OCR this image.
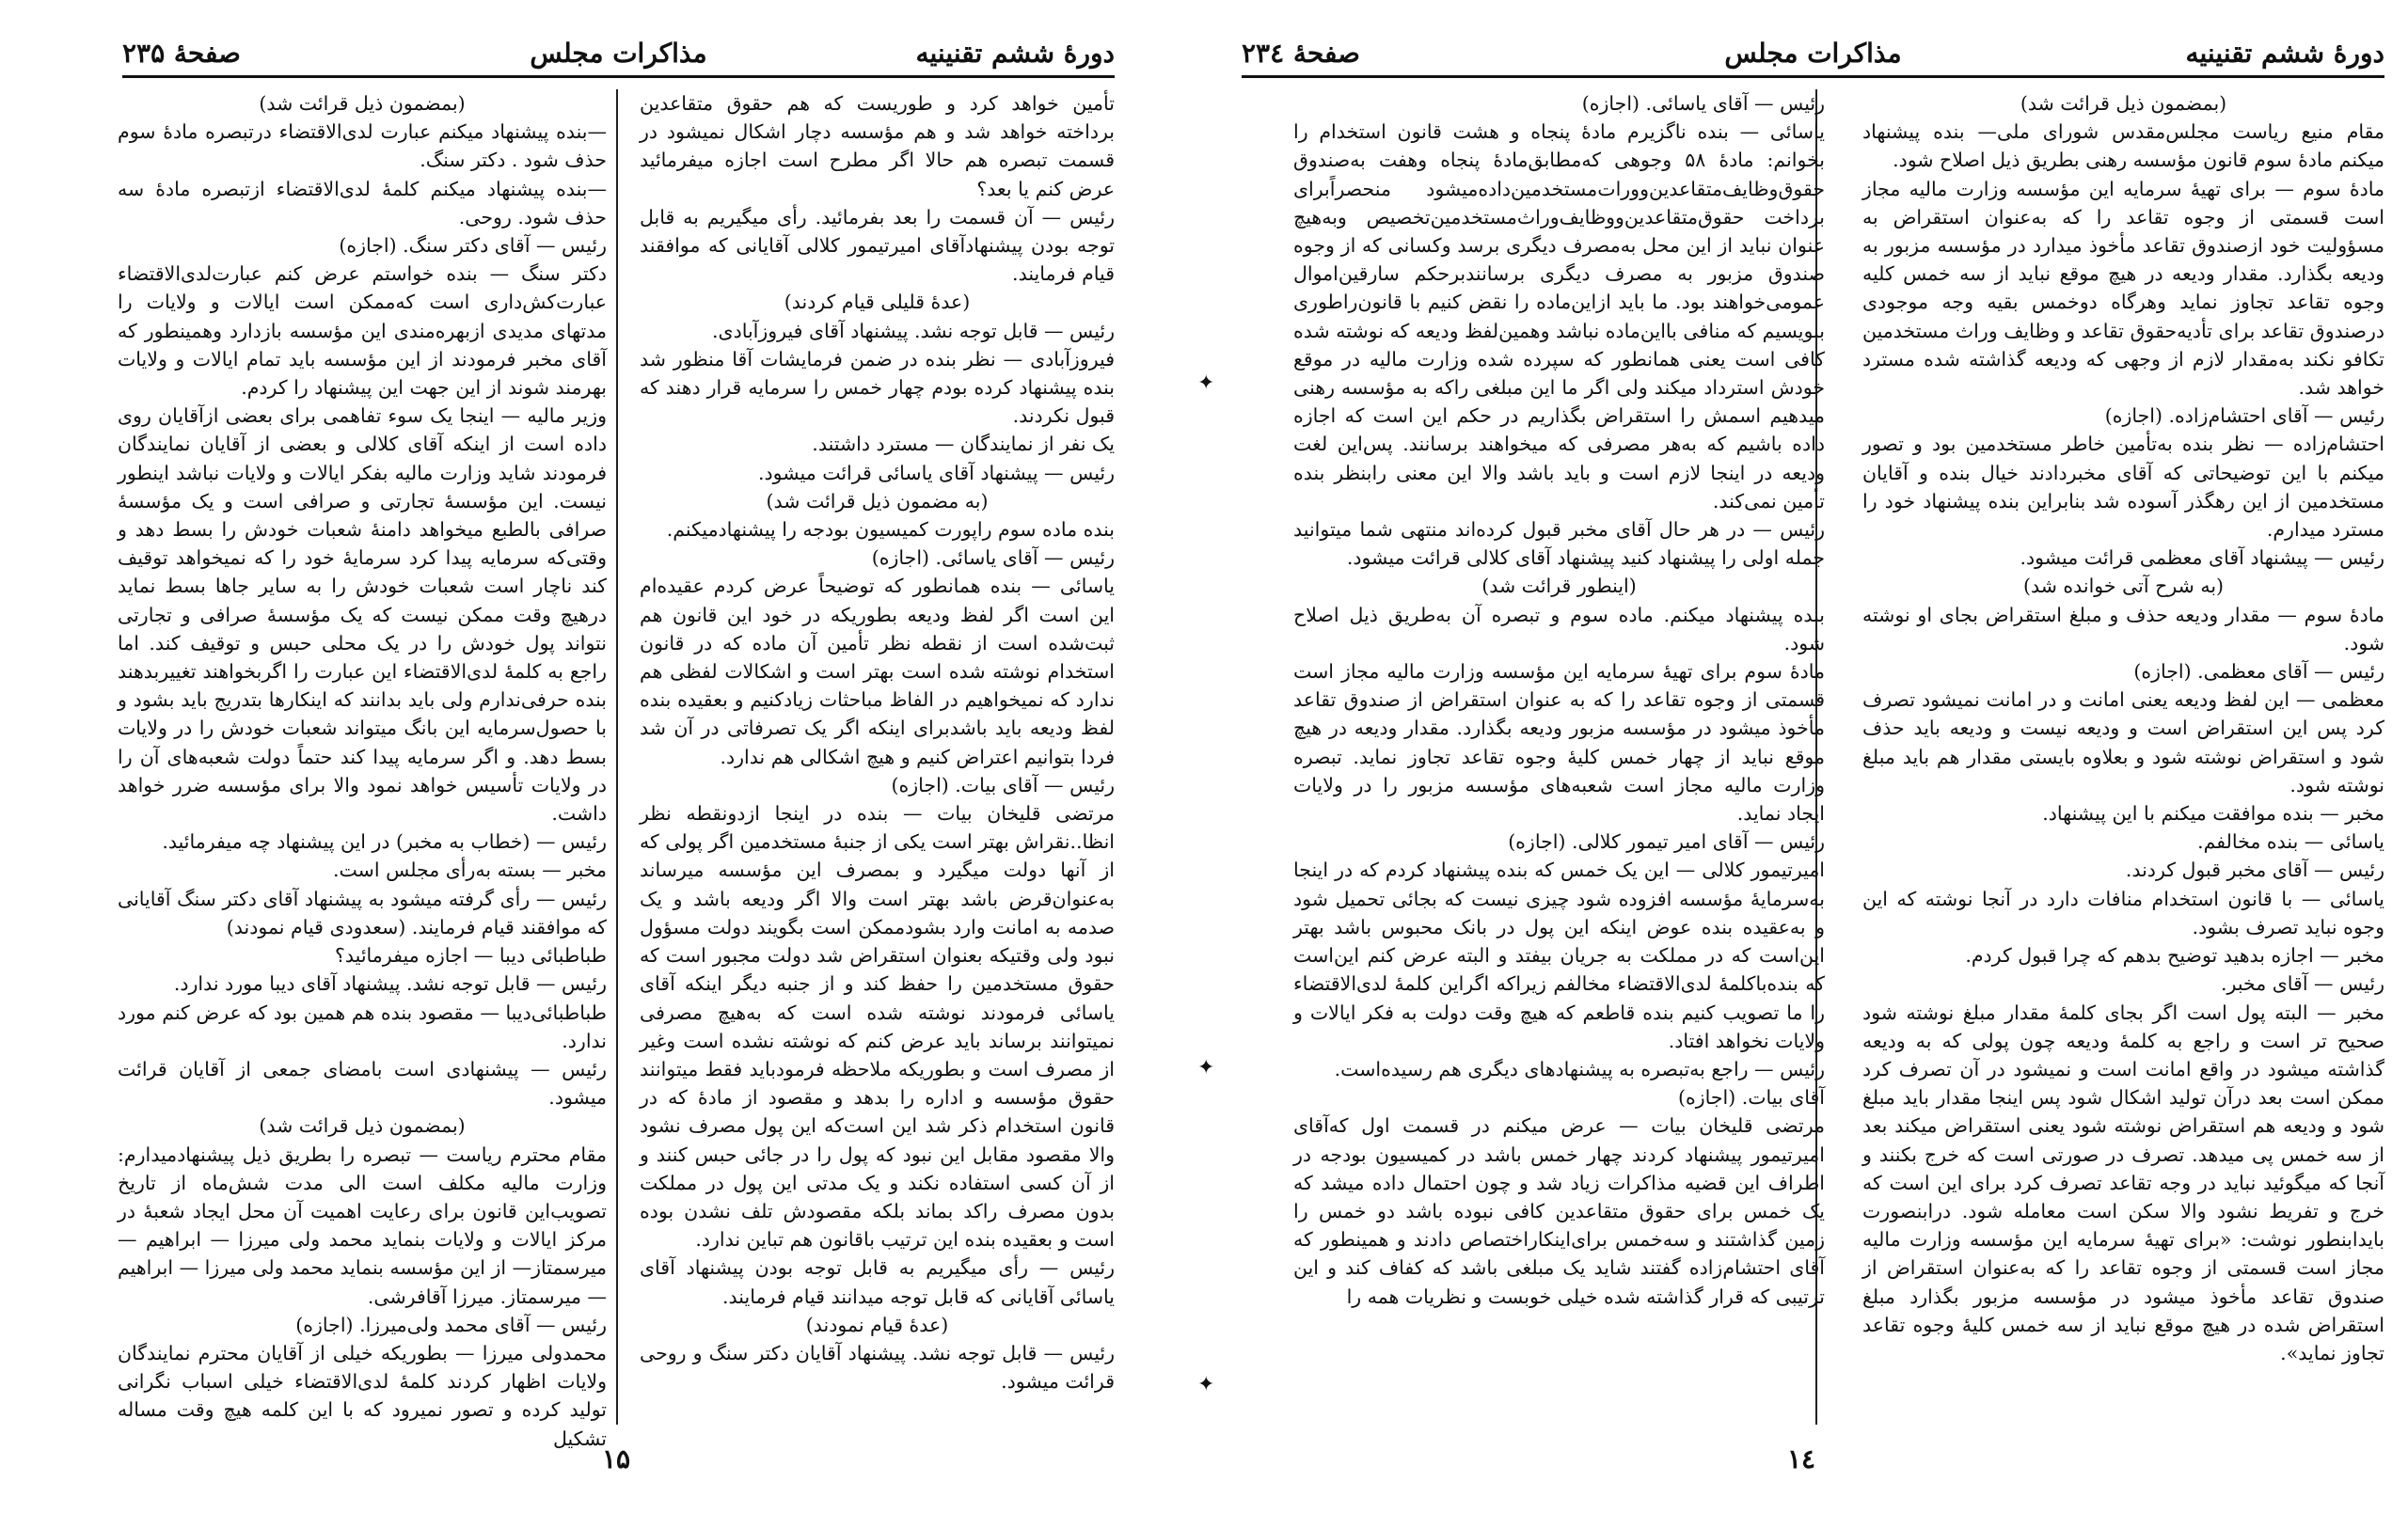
دورهٔ ششم تقنینیه
مذاکرات مجلس
صفحهٔ ۲۳۵

تأمین خواهد کرد و طوریست که هم حقوق متقاعدین برداخته خواهد شد و هم مؤسسه دچار اشکال نمیشود در قسمت تبصره هم حالا اگر مطرح است اجازه میفرمائید عرض کنم یا بعد؟

رئیس — آن قسمت را بعد بفرمائید. رأی میگیریم به قابل توجه بودن پیشنهادآقای امیرتیمور کلالی آقایانی که موافقند قیام فرمایند.

(عدهٔ قلیلی قیام کردند)

رئیس — قابل توجه نشد. پیشنهاد آقای فیروزآبادی.

فیروزآبادی — نظر بنده در ضمن فرمایشات آقا منظور شد بنده پیشنهاد کرده بودم چهار خمس را سرمایه قرار دهند که قبول نکردند.

یک نفر از نمایندگان — مسترد داشتند.

رئیس — پیشنهاد آقای یاسائی قرائت میشود.

(به مضمون ذیل قرائت شد)

بنده ماده سوم راپورت کمیسیون بودجه را پیشنهادمیکنم.

رئیس — آقای یاسائی. (اجازه)

یاسائی — بنده همانطور که توضیحاً عرض کردم عقیده‌ام این است اگر لفظ ودیعه بطوریکه در خود این قانون هم ثبت‌شده است از نقطه نظر تأمین آن ماده که در قانون استخدام نوشته شده است بهتر است و اشکالات لفظی هم ندارد که نمیخواهیم در الفاظ مباحثات زیادکنیم و بعقیده بنده لفظ ودیعه باید باشدبرای اینکه اگر یک تصرفاتی در آن شد فردا بتوانیم اعتراض کنیم و هیچ اشکالی هم ندارد.

رئیس — آقای بیات. (اجازه)

مرتضی قلیخان بیات — بنده در اینجا ازدونقطه نظر انظا..نقراش بهتر است یکی از جنبهٔ مستخدمین اگر پولی که از آنها دولت میگیرد و بمصرف این مؤسسه میرساند به‌عنوان‌قرض باشد بهتر است والا اگر ودیعه باشد و یک صدمه به امانت وارد بشودممکن است بگویند دولت مسؤول نبود ولی وقتیکه بعنوان استقراض شد دولت مجبور است که حقوق مستخدمین را حفظ کند و از جنبه دیگر اینکه آقای یاسائی فرمودند نوشته شده است که به‌هیچ مصرفی نمیتوانند برساند باید عرض کنم که نوشته نشده است وغیر از مصرف است و بطوریکه ملاحظه فرمودباید فقط میتوانند حقوق مؤسسه و اداره را بدهد و مقصود از مادهٔ که در قانون استخدام ذکر شد این است‌که این پول مصرف نشود والا مقصود مقابل این نبود که پول را در جائی حبس کنند و از آن کسی استفاده نکند و یک مدتی این پول در مملکت بدون مصرف راکد بماند بلکه مقصودش تلف نشدن بوده است و بعقیده بنده این ترتیب باقانون هم تباین ندارد.

رئیس — رأی میگیریم به قابل توجه بودن پیشنهاد آقای یاسائی آقایانی که قابل توجه میدانند قیام فرمایند.

(عدهٔ قیام نمودند)

رئیس — قابل توجه نشد. پیشنهاد آقایان دکتر سنگ و روحی قرائت میشود.

(بمضمون ذیل قرائت شد)

—بنده پیشنهاد میکنم عبارت لدی‌الاقتضاء درتبصره مادهٔ سوم حذف شود . دکتر سنگ.

—بنده پیشنهاد میکنم کلمهٔ لدی‌الاقتضاء ازتبصره مادهٔ سه حذف شود. روحی.

رئیس — آقای دکتر سنگ. (اجازه)

دکتر سنگ — بنده خواستم عرض کنم عبارت‌لدی‌الاقتضاء عبارت‌کش‌داری است که‌ممکن است ایالات و ولایات را مدتهای مدیدی ازبهره‌مندی این مؤسسه بازدارد وهمینطور که آقای مخبر فرمودند از این مؤسسه باید تمام ایالات و ولایات بهرمند شوند از این جهت این پیشنهاد را کردم.

وزیر مالیه — اینجا یک سوء تفاهمی برای بعضی ازآقایان روی داده است از اینکه آقای کلالی و بعضی از آقایان نمایندگان فرمودند شاید وزارت مالیه بفکر ایالات و ولایات نباشد اینطور نیست. این مؤسسهٔ تجارتی و صرافی است و یک مؤسسهٔ صرافی بالطبع میخواهد دامنهٔ شعبات خودش را بسط دهد و وقتی‌که سرمایه پیدا کرد سرمایهٔ خود را که نمیخواهد توقیف کند ناچار است شعبات خودش را به سایر جاها بسط نماید درهیچ وقت ممکن نیست که یک مؤسسهٔ صرافی و تجارتی نتواند پول خودش را در یک محلی حبس و توقیف کند. اما راجع به کلمهٔ لدی‌الاقتضاء این عبارت را اگربخواهند تغییربدهند بنده حرفی‌ندارم ولی باید بدانند که اینکارها بتدریج باید بشود و با حصول‌سرمایه این بانگ میتواند شعبات خودش را در ولایات بسط دهد. و اگر سرمایه پیدا کند حتماً دولت شعبه‌های آن را در ولایات تأسیس خواهد نمود والا برای مؤسسه ضرر خواهد داشت.

رئیس — (خطاب به مخبر) در این پیشنهاد چه میفرمائید.

مخبر — بسته به‌رأی مجلس است.

رئیس — رأی گرفته میشود به پیشنهاد آقای دکتر سنگ آقایانی که موافقند قیام فرمایند. (سعدودی قیام نمودند)

طباطبائی دیبا — اجازه میفرمائید؟

رئیس — قابل توجه نشد. پیشنهاد آقای دیبا مورد ندارد.

طباطبائی‌دیبا — مقصود بنده هم همین بود که عرض کنم مورد ندارد.

رئیس — پیشنهادی است بامضای جمعی از آقایان قرائت میشود.

(بمضمون ذیل قرائت شد)

مقام محترم ریاست — تبصره را بطریق ذیل پیشنهادمیدارم: وزارت مالیه مکلف است الی مدت شش‌ماه از تاریخ تصویب‌این قانون برای رعایت اهمیت آن محل ایجاد شعبهٔ در مرکز ایالات و ولایات بنماید محمد ولی میرزا — ابراهیم — میرسمتاز— از این مؤسسه بنماید محمد ولی میرزا — ابراهیم — میرسمتاز. میرزا آقافرشی.

رئیس — آقای محمد ولی‌میرزا. (اجازه)

محمدولی میرزا — بطوریکه خیلی از آقایان محترم نمایندگان ولایات اظهار کردند کلمهٔ لدی‌الاقتضاء خیلی اسباب نگرانی تولید کرده و تصور نمیرود که با این کلمه هیچ وقت مساله تشکیل

۱۵
دورهٔ ششم تقنینیه
مذاکرات مجلس
صفحهٔ ۲۳٤

(بمضمون ذیل قرائت شد)

مقام منیع ریاست مجلس‌مقدس شورای ملی— بنده پیشنهاد میکنم مادهٔ سوم قانون مؤسسه رهنی بطریق ذیل اصلاح شود.

مادهٔ سوم — برای تهیهٔ سرمایه این مؤسسه وزارت مالیه مجاز است قسمتی از وجوه تقاعد را که به‌عنوان استقراض به مسؤولیت خود ازصندوق تقاعد مأخوذ میدارد در مؤسسه مزبور به ودیعه بگذارد. مقدار ودیعه در هیچ موقع نباید از سه خمس کلیه وجوه تقاعد تجاوز نماید وهرگاه دوخمس بقیه وجه موجودی درصندوق تقاعد برای تأدیه‌حقوق تقاعد و وظایف وراث مستخدمین تکافو نکند به‌مقدار لازم از وجهی که ودیعه گذاشته شده مسترد خواهد شد.

رئیس — آقای احتشام‌زاده. (اجازه)

احتشام‌زاده — نظر بنده به‌تأمین خاطر مستخدمین بود و تصور میکنم با این توضیحاتی که آقای مخبردادند خیال بنده و آقایان مستخدمین از این رهگذر آسوده شد بنابراین بنده پیشنهاد خود را مسترد میدارم.

رئیس — پیشنهاد آقای معظمی قرائت میشود.

(به شرح آتی خوانده شد)

مادهٔ سوم — مقدار ودیعه حذف و مبلغ استقراض بجای او نوشته شود.

رئیس — آقای معظمی. (اجازه)

معظمی — این لفظ ودیعه یعنی امانت و در امانت نمیشود تصرف کرد پس این استقراض است و ودیعه نیست و ودیعه باید حذف شود و استقراض نوشته شود و بعلاوه بایستی مقدار هم باید مبلغ نوشته شود.

مخبر — بنده موافقت میکنم با این پیشنهاد.

یاسائی — بنده مخالفم.

رئیس — آقای مخبر قبول کردند.

یاسائی — با قانون استخدام منافات دارد در آنجا نوشته که این وجوه نباید تصرف بشود.

مخبر — اجازه بدهید توضیح بدهم که چرا قبول کردم.

رئیس — آقای مخبر.

مخبر — البته پول است اگر بجای کلمهٔ مقدار مبلغ نوشته شود صحیح تر است و راجع به کلمهٔ ودیعه چون پولی که به ودیعه گذاشته میشود در واقع امانت است و نمیشود در آن تصرف کرد ممکن است بعد درآن تولید اشکال شود پس اینجا مقدار باید مبلغ شود و ودیعه هم استقراض نوشته شود یعنی استقراض میکند بعد از سه خمس پی میدهد. تصرف در صورتی است که خرج بکنند و آنجا که میگوئید نباید در وجه تقاعد تصرف کرد برای این است که خرج و تفریط نشود والا سکن است معامله شود. درابنصورت بایدابنطور نوشت: «برای تهیهٔ سرمایه این مؤسسه وزارت مالیه مجاز است قسمتی از وجوه تقاعد را که به‌عنوان استقراض از صندوق تقاعد مأخوذ میشود در مؤسسه مزبور بگذارد مبلغ استقراض شده در هیچ موقع نباید از سه خمس کلیهٔ وجوه تقاعد تجاوز نماید».

رئیس — آقای یاسائی. (اجازه)

یاسائی — بنده ناگزیرم مادهٔ پنجاه و هشت قانون استخدام را بخوانم: مادهٔ ۵۸ وجوهی که‌مطابق‌مادهٔ پنجاه وهفت به‌صندوق حقوق‌وظایف‌متقاعدین‌وورات‌مستخدمین‌داده‌میشود منحصراًبرای برداخت حقوق‌متقاعدین‌ووظایف‌وراث‌مستخدمین‌تخصیص و‌به‌هیچ عنوان نباید از این محل به‌مصرف دیگری برسد و‌کسانی که از وجوه صندوق مزبور به مصرف دیگری برسانندبرحکم سارقین‌اموال عمومی‌خواهند بود. ما باید ازاین‌ماده را نقض کنیم با قانون‌را‌طوری بنویسیم که منافی با‌این‌ماده نباشد و‌همین‌لفظ ودیعه که نوشته شده کافی است یعنی همانطور که سپرده شده وزارت مالیه در موقع خودش استرداد میکند ولی اگر ما این مبلغی را‌که به مؤسسه رهنی میدهیم اسمش را استقراض بگذاریم در حکم این است که اجازه داده باشیم که به‌هر مصرفی که میخواهند برسانند. پس‌این لغت ودیعه در اینجا لازم است و باید باشد والا این معنی رابنظر بنده تأمین نمی‌کند.

رئیس — در هر حال آقای مخبر قبول کرده‌اند منتهی شما میتوانید جمله اولی را پیشنهاد کنید پیشنهاد آقای کلالی قرائت میشود.

(اینطور قرائت شد)

بنده پیشنهاد میکنم. ماده سوم و تبصره آن به‌طریق ذیل اصلاح شود.

مادهٔ سوم برای تهیهٔ سرمایه این مؤسسه وزارت مالیه مجاز است قسمتی از وجوه تقاعد را که به عنوان استقراض از صندوق تقاعد مأخوذ میشود در مؤسسه مزبور ودیعه بگذارد. مقدار ودیعه در هیچ موقع نباید از چهار خمس کلیهٔ وجوه تقاعد تجاوز نماید. تبصره وزارت مالیه مجاز است شعبه‌های مؤسسه مزبور را در ولایات ایجاد نماید.

رئیس — آقای امیر تیمور کلالی. (اجازه)

امیرتیمور کلالی — این یک خمس که بنده پیشنهاد کردم که در اینجا به‌سرمایهٔ مؤسسه افزوده شود چیزی نیست که بجائی تحمیل شود و به‌عقیده بنده عوض اینکه این پول در بانک محبوس باشد بهتر این‌است که در مملکت به جریان بیفتد و البته عرض کنم این‌است که بنده‌با‌کلمهٔ لدی‌الاقتضاء مخالفم زیرا‌که اگراین کلمهٔ لدی‌الاقتضاء را ما تصویب کنیم بنده قاطعم که هیچ وقت دولت به فکر ایالات و ولایات نخواهد افتاد.

رئیس — راجع به‌تبصره به پیشنهادهای دیگری هم رسیده‌است.

آقای بیات. (اجازه)

مرتضی قلیخان بیات — عرض میکنم در قسمت اول که‌آقای امیرتیمور پیشنهاد کردند چهار خمس باشد در کمیسیون بودجه در اطراف این قضیه مذاکرات زیاد شد و چون احتمال داده میشد که یک خمس برای حقوق متقاعدین کافی نبوده باشد دو خمس را زمین گذاشتند و سه‌خمس برای‌اینکاراختصاص دادند و همینطور که آقای احتشام‌زاده گفتند شاید یک مبلغی باشد که کفاف کند و این ترتیبی که قرار گذاشته شده خیلی خوبست و نظریات همه را

۱٤
✦
✦
✦
